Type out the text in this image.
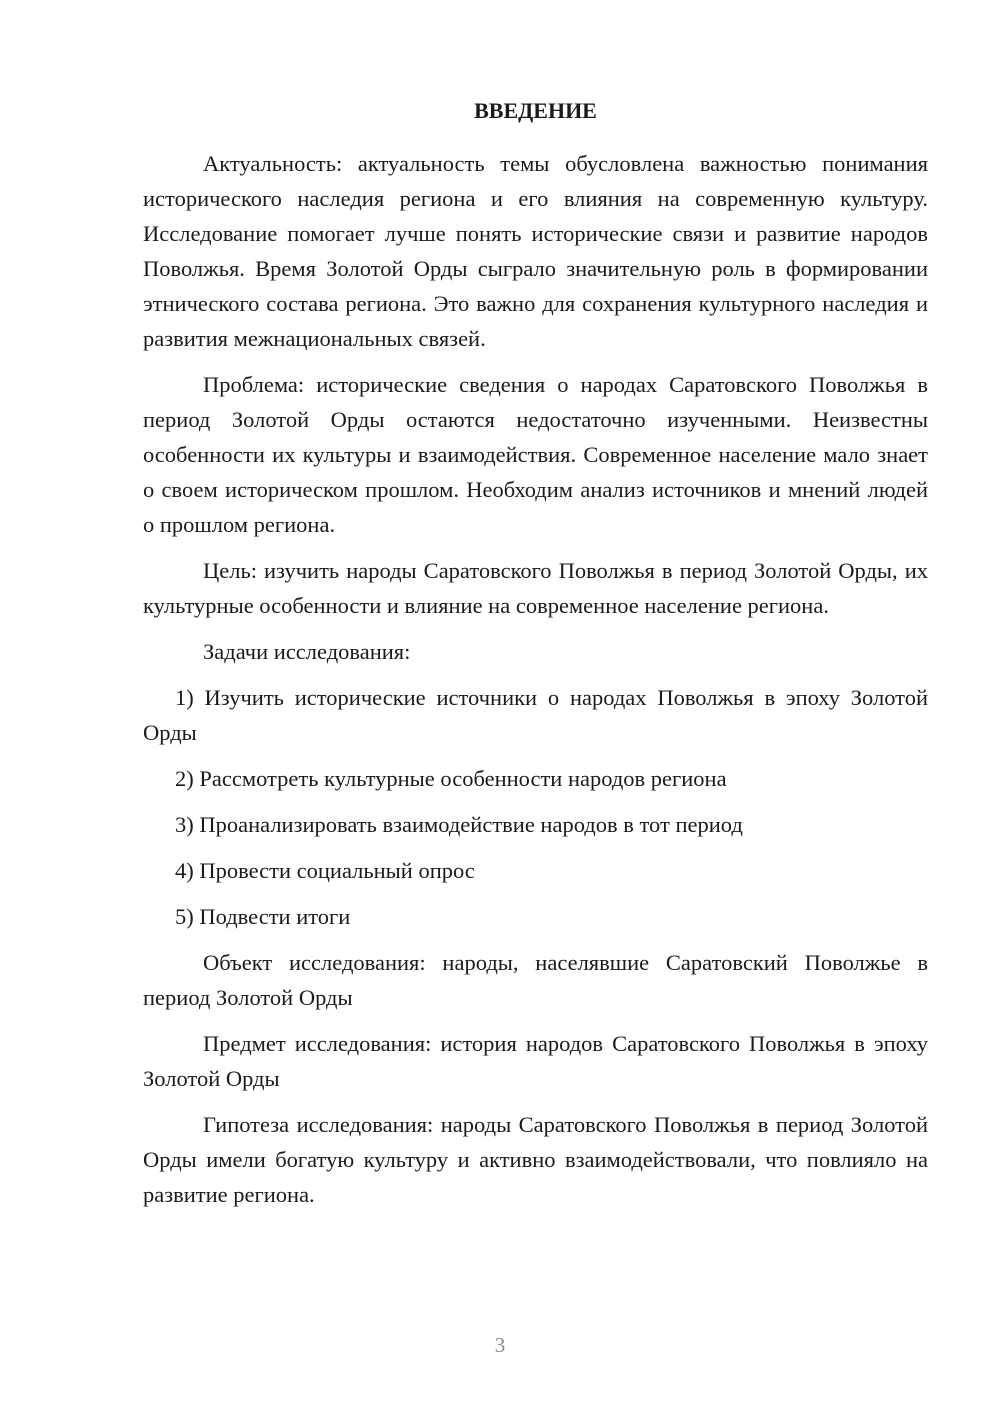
ВВЕДЕНИЕ

Актуальность: актуальность темы обусловлена важностью понимания исторического наследия региона и его влияния на современную культуру. Исследование помогает лучше понять исторические связи и развитие народов Поволжья. Время Золотой Орды сыграло значительную роль в формировании этнического состава региона. Это важно для сохранения культурного наследия и развития межнациональных связей.

Проблема: исторические сведения о народах Саратовского Поволжья в период Золотой Орды остаются недостаточно изученными. Неизвестны особенности их культуры и взаимодействия. Современное население мало знает о своем историческом прошлом. Необходим анализ источников и мнений людей о прошлом региона.

Цель: изучить народы Саратовского Поволжья в период Золотой Орды, их культурные особенности и влияние на современное население региона.

Задачи исследования:

1) Изучить исторические источники о народах Поволжья в эпоху Золотой Орды

2) Рассмотреть культурные особенности народов региона

3) Проанализировать взаимодействие народов в тот период

4) Провести социальный опрос

5) Подвести итоги

Объект исследования: народы, населявшие Саратовский Поволжье в период Золотой Орды

Предмет исследования: история народов Саратовского Поволжья в эпоху Золотой Орды

Гипотеза исследования: народы Саратовского Поволжья в период Золотой Орды имели богатую культуру и активно взаимодействовали, что повлияло на развитие региона.

3
